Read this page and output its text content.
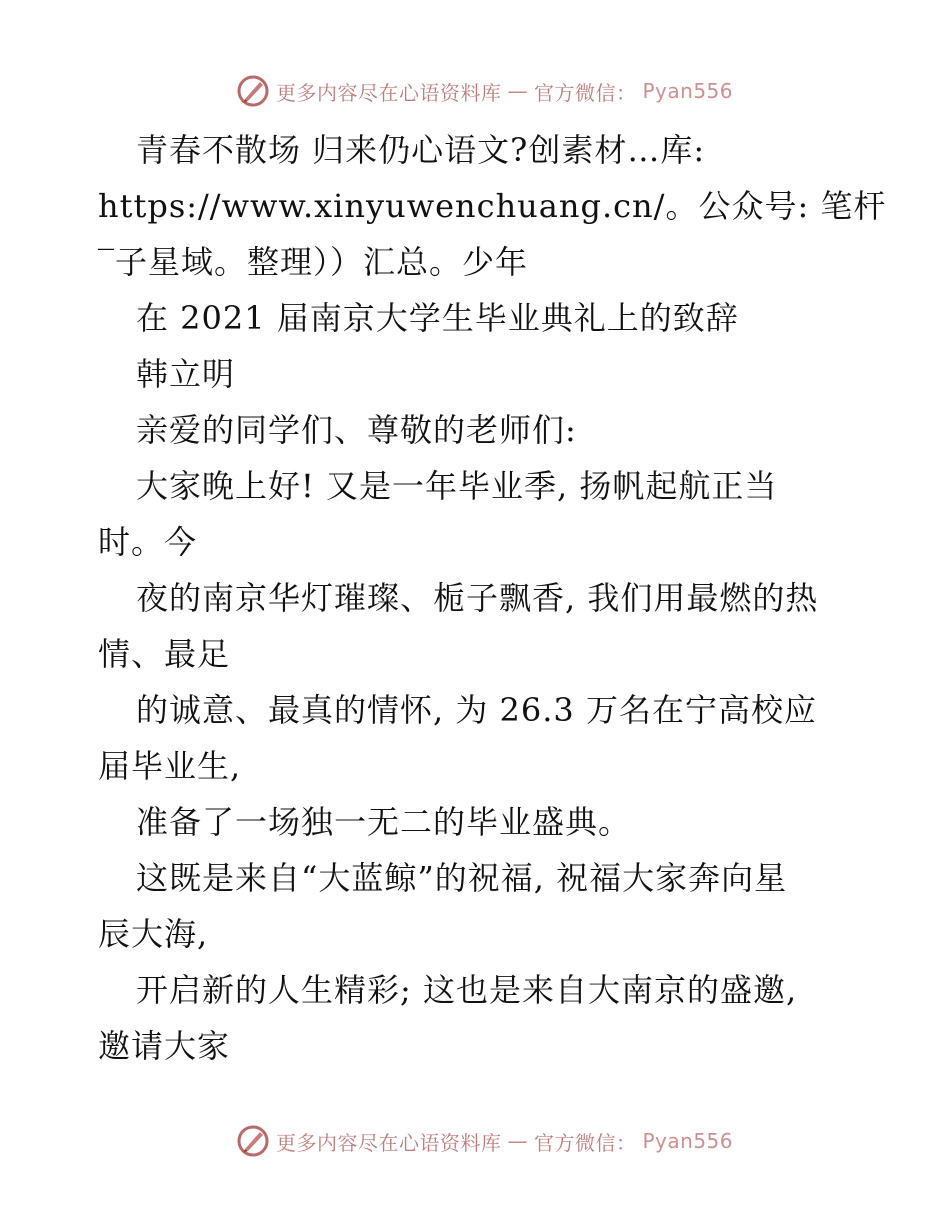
更多内容尽在心语资料库 — 官方微信： Pyan556
青春不散场 归来仍心语文?创素材…库:
https://www.xinyuwenchuang.cn/。公众号: 笔杆
‾子星域。整理））汇总。少年
在 2021 届南京大学生毕业典礼上的致辞
韩立明
亲爱的同学们、尊敬的老师们:
大家晚上好! 又是一年毕业季, 扬帆起航正当
时。今
夜的南京华灯璀璨、栀子飘香, 我们用最燃的热
情、最足
的诚意、最真的情怀, 为 26.3 万名在宁高校应
届毕业生,
准备了一场独一无二的毕业盛典。
这既是来自“大蓝鲸”的祝福, 祝福大家奔向星
辰大海,
开启新的人生精彩; 这也是来自大南京的盛邀,
邀请大家
更多内容尽在心语资料库 — 官方微信： Pyan556
